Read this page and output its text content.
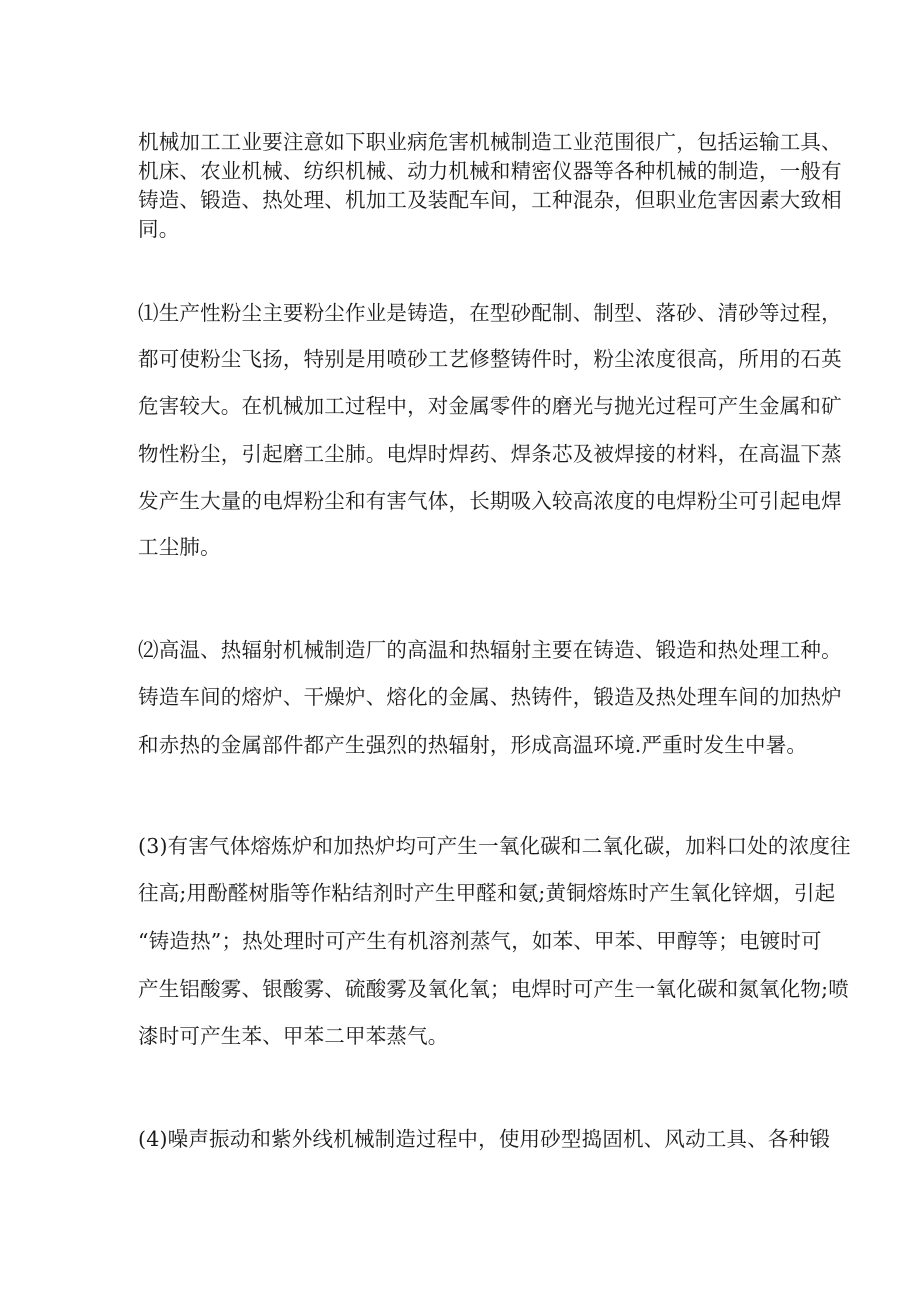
机械加工工业要注意如下职业病危害机械制造工业范围很广，包括运输工具、
机床、农业机械、纺织机械、动力机械和精密仪器等各种机械的制造，一般有
铸造、锻造、热处理、机加工及装配车间，工种混杂，但职业危害因素大致相
同。
⑴生产性粉尘主要粉尘作业是铸造，在型砂配制、制型、落砂、清砂等过程，
都可使粉尘飞扬，特别是用喷砂工艺修整铸件时，粉尘浓度很高，所用的石英
危害较大。在机械加工过程中，对金属零件的磨光与抛光过程可产生金属和矿
物性粉尘，引起磨工尘肺。电焊时焊药、焊条芯及被焊接的材料，在高温下蒸
发产生大量的电焊粉尘和有害气体，长期吸入较高浓度的电焊粉尘可引起电焊
工尘肺。
⑵高温、热辐射机械制造厂的高温和热辐射主要在铸造、锻造和热处理工种。
铸造车间的熔炉、干燥炉、熔化的金属、热铸件，锻造及热处理车间的加热炉
和赤热的金属部件都产生强烈的热辐射，形成高温环境.严重时发生中暑。
(3)有害气体熔炼炉和加热炉均可产生一氧化碳和二氧化碳，加料口处的浓度往
往高;用酚醛树脂等作粘结剂时产生甲醛和氨;黄铜熔炼时产生氧化锌烟，引起
“铸造热”；热处理时可产生有机溶剂蒸气，如苯、甲苯、甲醇等；电镀时可
产生铝酸雾、银酸雾、硫酸雾及氧化氧；电焊时可产生一氧化碳和氮氧化物;喷
漆时可产生苯、甲苯二甲苯蒸气。
(4)噪声振动和紫外线机械制造过程中，使用砂型捣固机、风动工具、各种锻
